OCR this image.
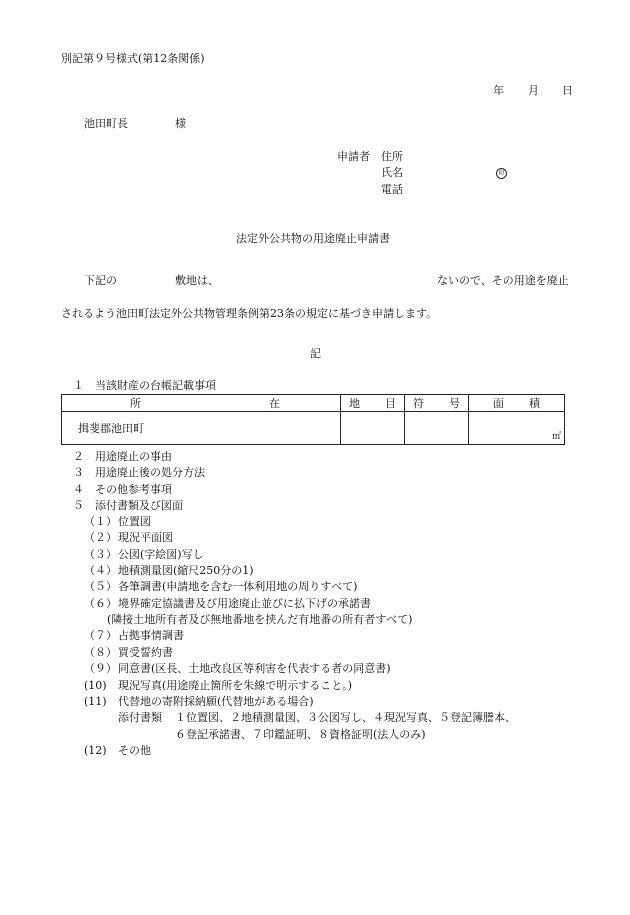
別記第９号様式(第12条関係)
年 月 日
池田町長	様
申請者 住所
氏名	印
電話
法定外公共物の用途廃止申請書
下記の	敷地は、	ないので、その用途を廃止
されるよう池田町法定外公共物管理条例第23条の規定に基づき申請します。
記
１ 当該財産の台帳記載事項
所 在	地 目	符 号	面 積

揖斐郡池田町			㎡
２ 用途廃止の事由
３ 用途廃止後の処分方法
４ その他参考事項
５ 添付書類及び図面
（１） 位置図
（２） 現況平面図
（３） 公図(字絵図)写し
（４） 地積測量図(縮尺250分の1)
（５） 各筆調書(申請地を含む一体利用地の周りすべて)
（６） 境界確定協議書及び用途廃止並びに払下げの承諾書
(隣接土地所有者及び無地番地を挟んだ有地番の所有者すべて)
（７） 占拠事情調書
（８） 買受誓約書
（９） 同意書(区長、土地改良区等利害を代表する者の同意書)
(10) 現況写真(用途廃止箇所を朱線で明示すること。)
(11) 代替地の寄附採納願(代替地がある場合)
添付書類 １位置図、２地積測量図、３公図写し、４現況写真、５登記簿謄本、
６登記承諾書、７印鑑証明、８資格証明(法人のみ)
(12) その他
